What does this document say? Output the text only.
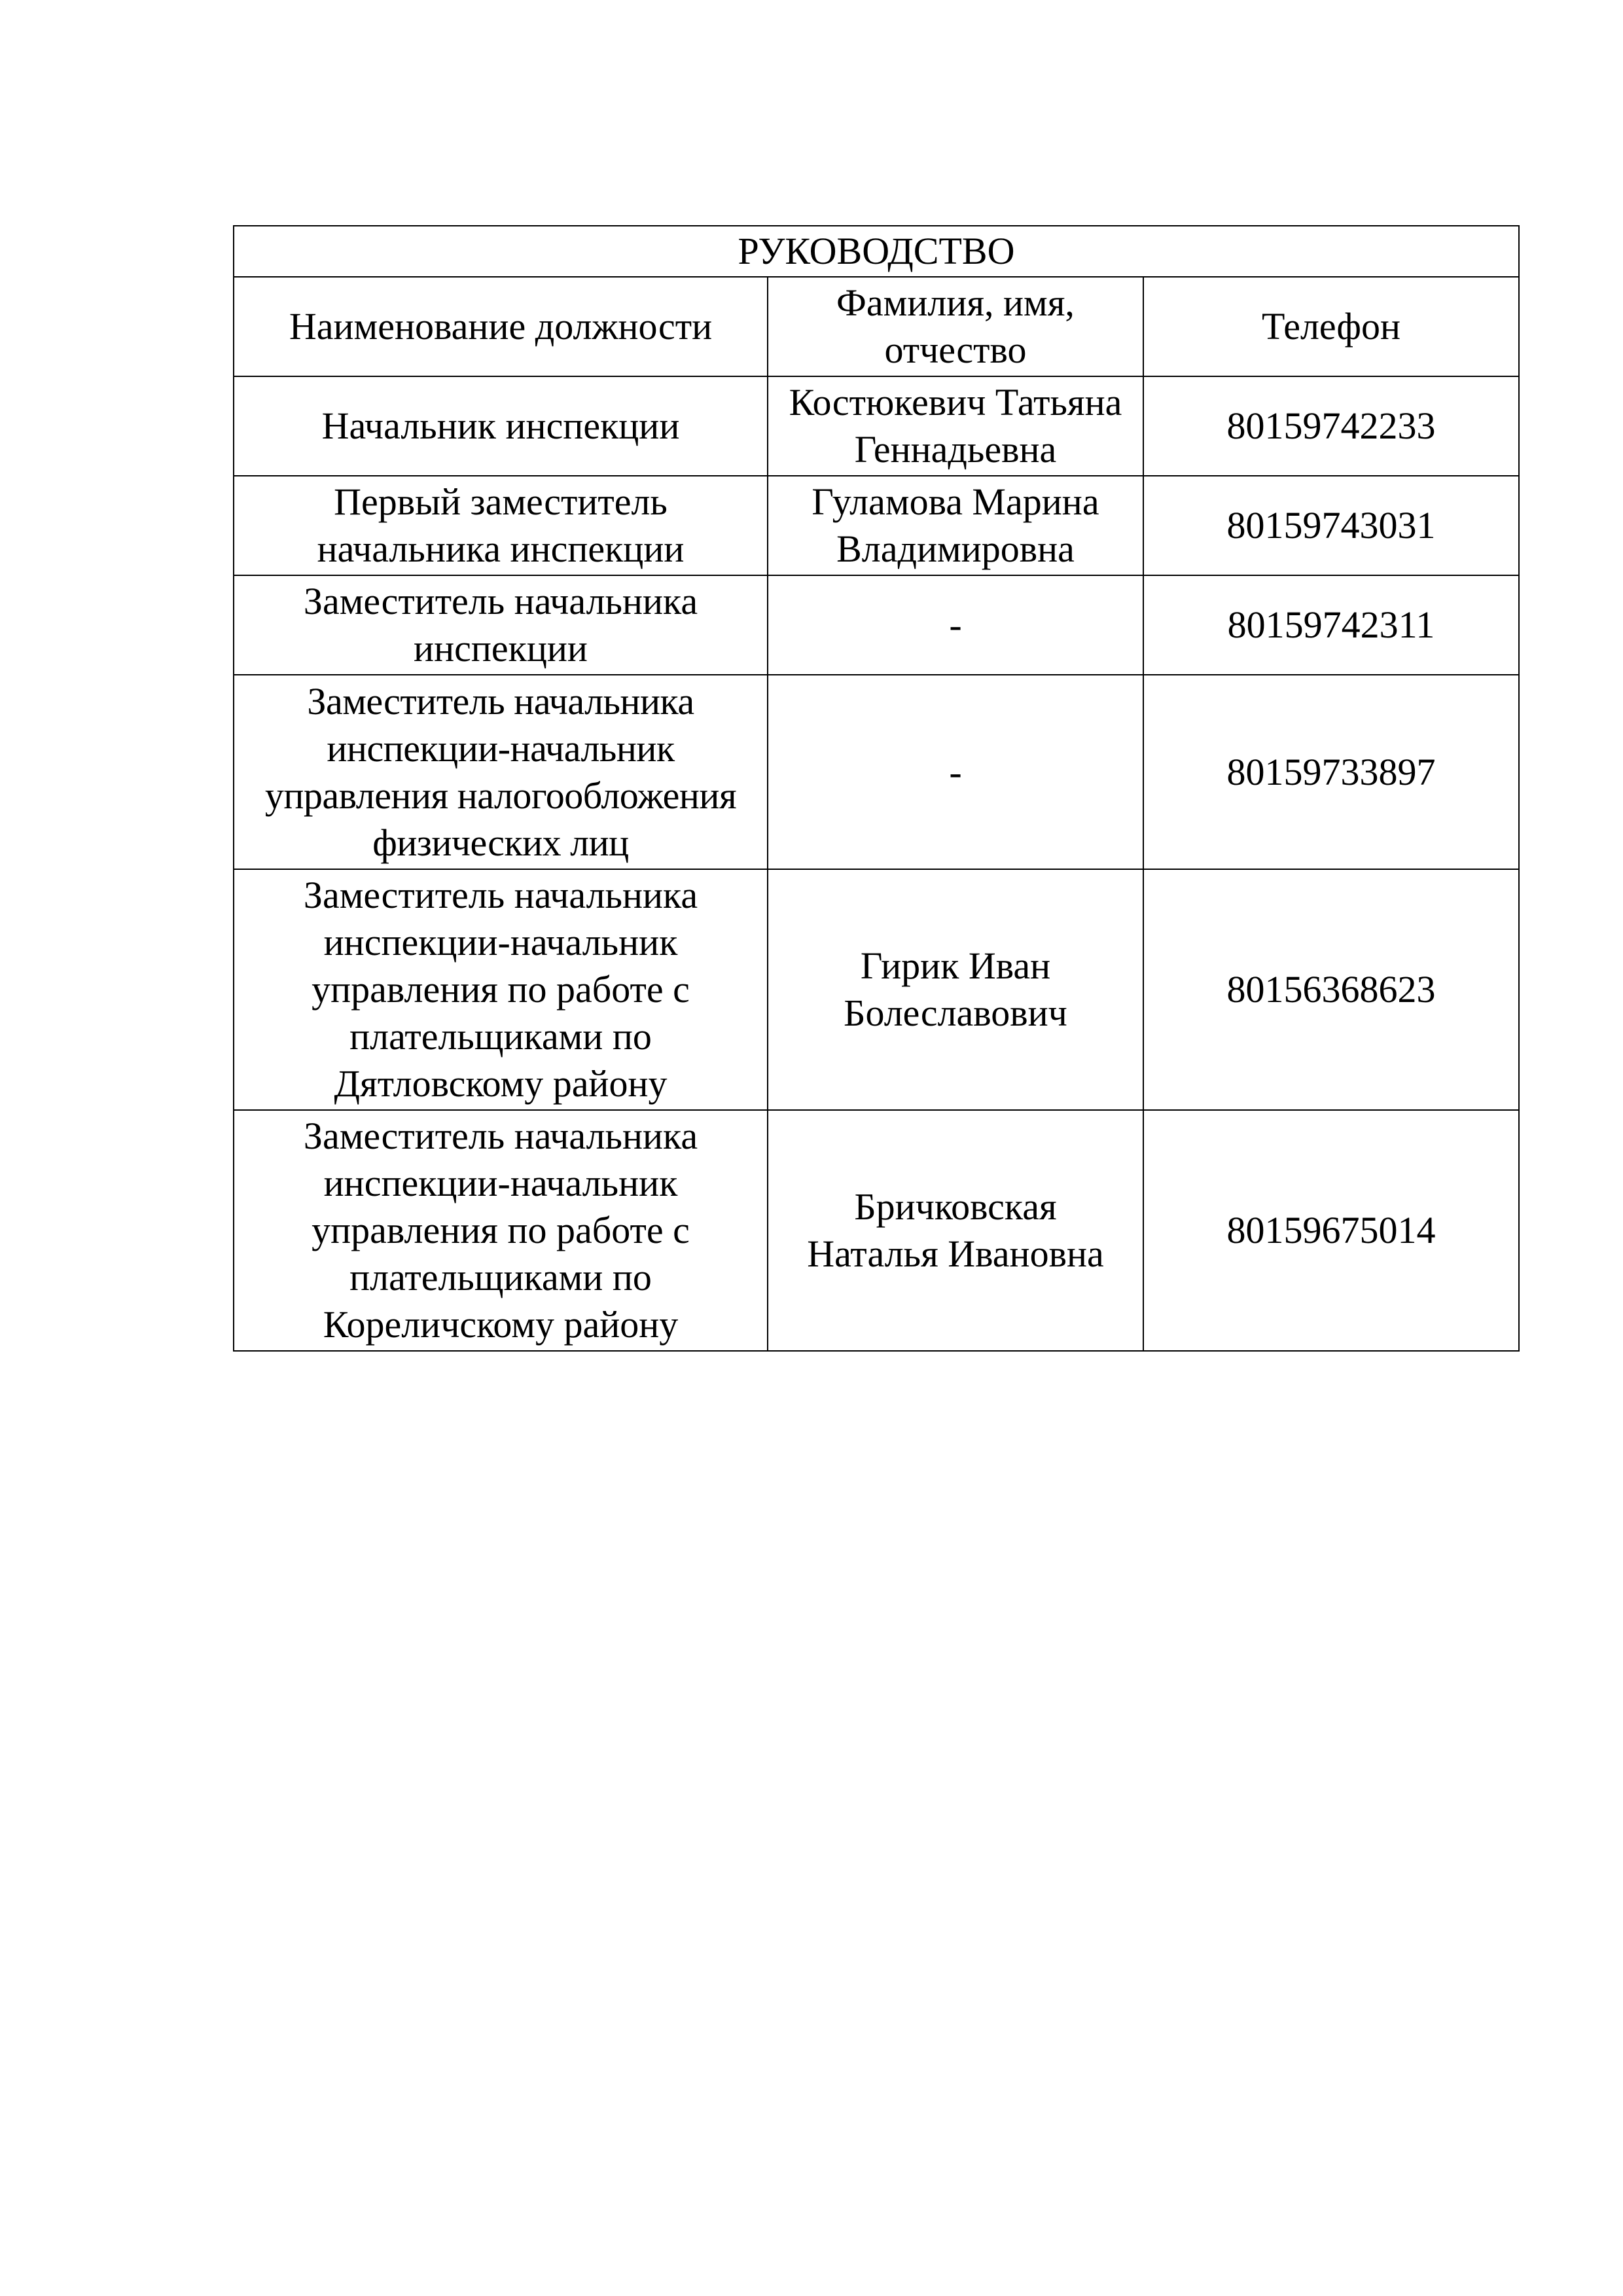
РУКОВОДСТВО		
Наименование должности	Фамилия, имя, отчество	Телефон
Начальник инспекции	Костюкевич Татьяна Геннадьевна	80159742233
Первый заместитель начальника инспекции	Гуламова Марина Владимировна	80159743031
Заместитель начальника инспекции	-	80159742311
Заместитель начальника инспекции-начальник управления налогообложения физических лиц	-	80159733897
Заместитель начальника инспекции-начальник управления по работе с плательщиками по Дятловскому району	Гирик Иван Болеславович	80156368623
Заместитель начальника инспекции-начальник управления по работе с плательщиками по Кореличскому району	Бричковская Наталья Ивановна	80159675014
